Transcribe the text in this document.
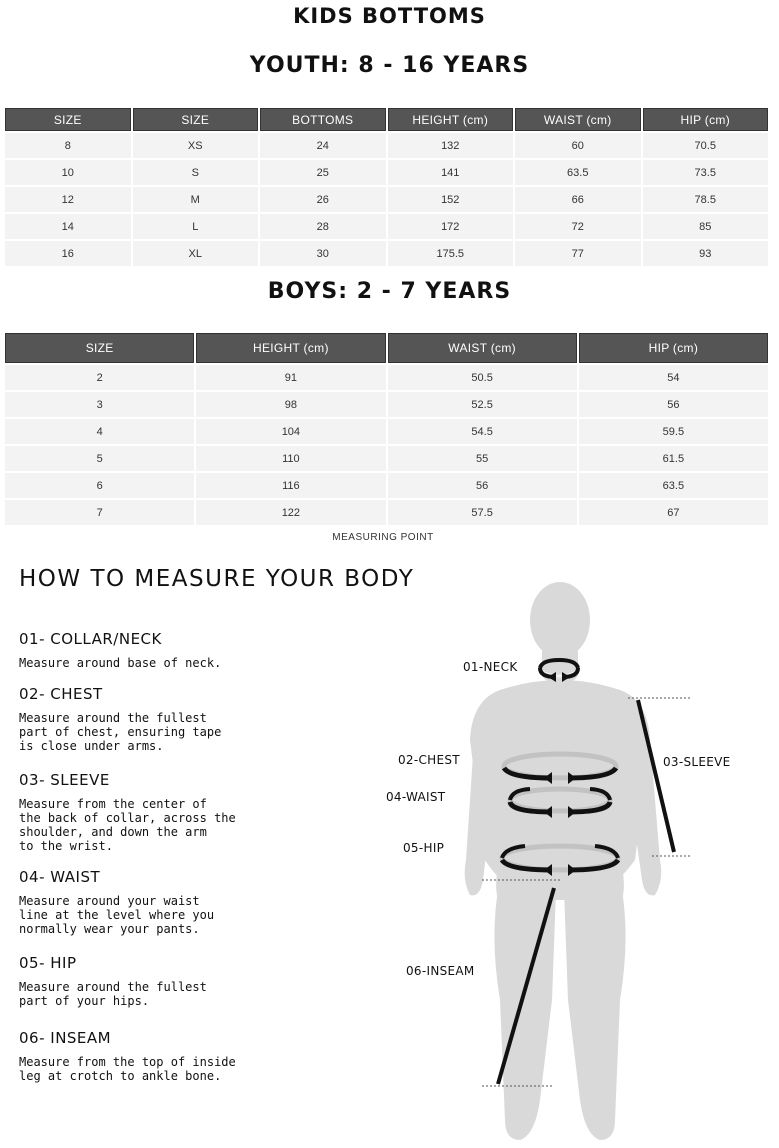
KIDS BOTTOMS
YOUTH: 8 - 16 YEARS
SIZE	SIZE	BOTTOMS	HEIGHT (cm)	WAIST (cm)	HIP (cm)
8	XS	24	132	60	70.5
10	S	25	141	63.5	73.5
12	M	26	152	66	78.5
14	L	28	172	72	85
16	XL	30	175.5	77	93
BOYS: 2 - 7 YEARS
SIZE	HEIGHT (cm)	WAIST (cm)	HIP (cm)
2	91	50.5	54
3	98	52.5	56
4	104	54.5	59.5
5	110	55	61.5
6	116	56	63.5
7	122	57.5	67
MEASURING POINT
HOW TO MEASURE YOUR BODY
01- COLLAR/NECK
Measure around base of neck.
02- CHEST
Measure around the fullest
part of chest, ensuring tape
is close under arms.
03- SLEEVE
Measure from the center of
the back of collar, across the
shoulder, and down the arm
to the wrist.
04- WAIST
Measure around your waist
line at the level where you
normally wear your pants.
05- HIP
Measure around the fullest
part of your hips.
06- INSEAM
Measure from the top of inside
leg at crotch to ankle bone.
01-NECK
02-CHEST	03-SLEEVE
04-WAIST
05-HIP
06-INSEAM
